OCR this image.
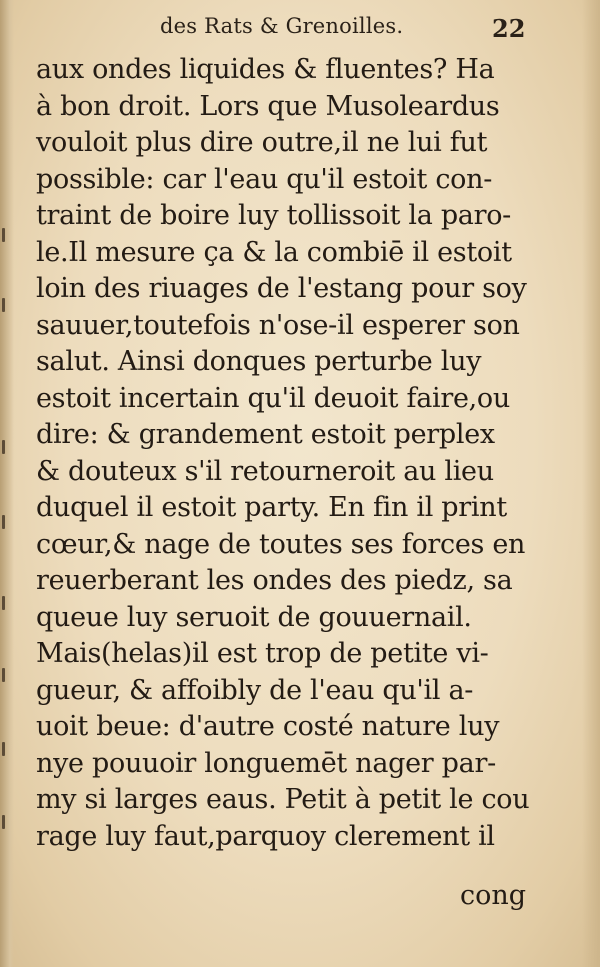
des Rats & Grenoilles.	22
aux ondes liquides & fluentes? Ha
à bon droit. Lors que Musoleardus
vouloit plus dire outre,il ne lui fut
possible: car l'eau qu'il estoit con-
traint de boire luy tollissoit la paro-
le.Il mesure ça & la combiē il estoit
loin des riuages de l'estang pour soy
sauuer,toutefois n'ose-il esperer son
salut. Ainsi donques perturbe luy
estoit incertain qu'il deuoit faire,ou
dire: & grandement estoit perplex
& douteux s'il retourneroit au lieu
duquel il estoit party. En fin il print
cœur,& nage de toutes ses forces en
reuerberant les ondes des piedz, sa
queue luy seruoit de gouuernail.
Mais(helas)il est trop de petite vi-
gueur, & affoibly de l'eau qu'il a-
uoit beue: d'autre costé nature luy
nye pouuoir longuemēt nager par-
my si larges eaus. Petit à petit le cou
rage luy faut,parquoy clerement il
cong
